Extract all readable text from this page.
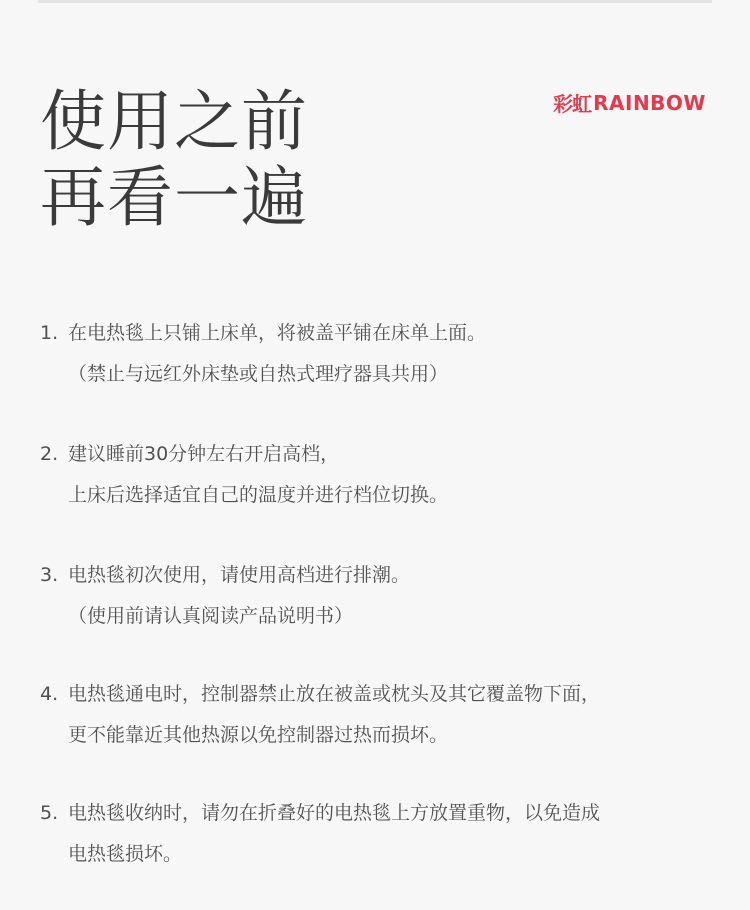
彩虹 RAINBOW
使用之前
再看一遍
1. 在电热毯上只铺上床单，将被盖平铺在床单上面。
（禁止与远红外床垫或自热式理疗器具共用）
2. 建议睡前30分钟左右开启高档，
上床后选择适宜自己的温度并进行档位切换。
3. 电热毯初次使用，请使用高档进行排潮。
（使用前请认真阅读产品说明书）
4. 电热毯通电时，控制器禁止放在被盖或枕头及其它覆盖物下面，
更不能靠近其他热源以免控制器过热而损坏。
5. 电热毯收纳时，请勿在折叠好的电热毯上方放置重物，以免造成
电热毯损坏。
